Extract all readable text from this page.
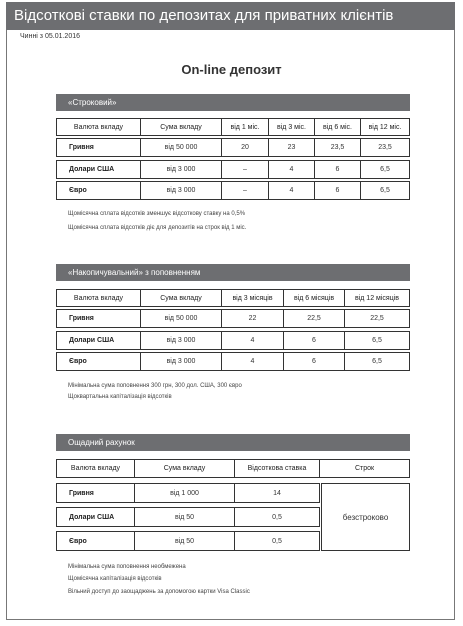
Відсоткові ставки по депозитах для приватних клієнтів
Чинні з 05.01.2016
On-line депозит
«Строковий»
Валюта вкладу	Сума вкладу	від 1 міс.	від 3 міс.	від 6 міс.	від 12 міс.
Гривня	від 50 000	20	23	23,5	23,5
Долари США	від 3 000	–	4	6	6,5
Євро	від 3 000	–	4	6	6,5
Щомісячна сплата відсотків зменшує відсоткову ставку на 0,5%
Щомісячна сплата відсотків діє для депозитів на строк від 1 міс.
«Накопичувальний» з поповненням
Валюта вкладу	Сума вкладу	від 3 місяців	від 6 місяців	від 12 місяців
Гривня	від 50 000	22	22,5	22,5
Долари США	від 3 000	4	6	6,5
Євро	від 3 000	4	6	6,5
Мінімальна сума поповнення 300 грн, 300 дол. США, 300 євро
Щоквартальна капіталізація відсотків
Ощадний рахунок
Валюта вкладу	Сума вкладу	Відсоткова ставка	Строк
Гривня	від 1 000	14
Долари США	від 50	0,5
Євро	від 50	0,5
безстроково
Мінімальна сума поповнення необмежена
Щомісячна капіталізація відсотків
Вільний доступ до заощаджень за допомогою картки Visa Classic
